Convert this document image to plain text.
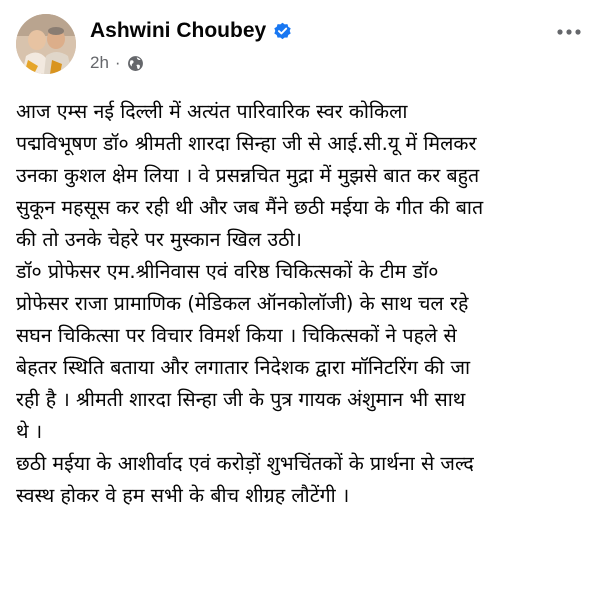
Ashwini Choubey
2h ·
आज एम्स नई दिल्ली में अत्यंत पारिवारिक स्वर कोकिला
पद्मविभूषण डॉ० श्रीमती शारदा सिन्हा जी से आई.सी.यू में मिलकर
उनका कुशल क्षेम लिया । वे प्रसन्नचित मुद्रा में मुझसे बात कर बहुत
सुकून महसूस कर रही थी और जब मैंने छठी मईया के गीत की बात
की तो उनके चेहरे पर मुस्कान खिल उठी।
डॉ० प्रोफेसर एम.श्रीनिवास एवं वरिष्ठ चिकित्सकों के टीम डॉ०
प्रोफेसर राजा प्रामाणिक (मेडिकल ऑनकोलॉजी) के साथ चल रहे
सघन चिकित्सा पर विचार विमर्श किया । चिकित्सकों ने पहले से
बेहतर स्थिति बताया और लगातार निदेशक द्वारा मॉनिटरिंग की जा
रही है । श्रीमती शारदा सिन्हा जी के पुत्र गायक अंशुमान भी साथ
थे ।
छठी मईया के आशीर्वाद एवं करोड़ों शुभचिंतकों के प्रार्थना से जल्द
स्वस्थ होकर वे हम सभी के बीच शीग्रह लौटेंगी ।
